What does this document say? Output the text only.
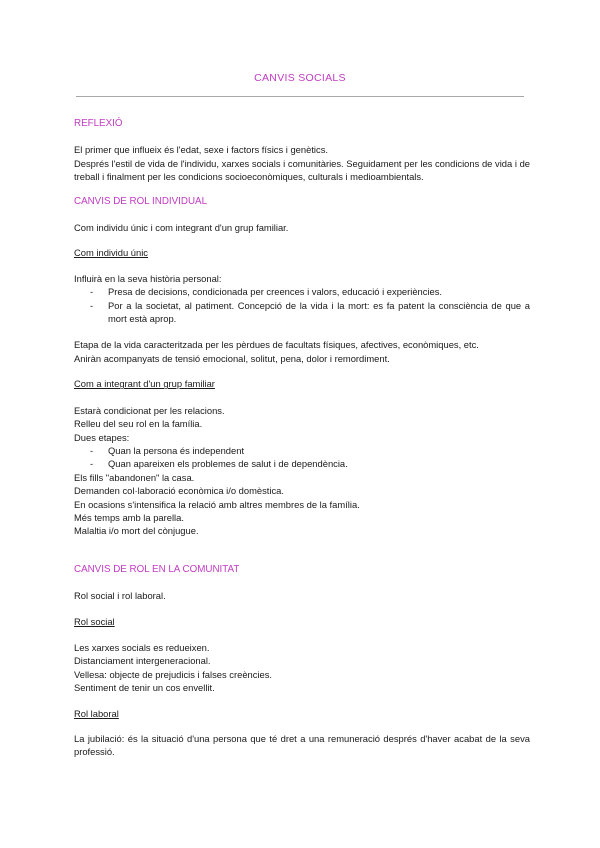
CANVIS SOCIALS

REFLEXIÓ

El primer que influeix és l'edat, sexe i factors físics i genètics.

Després l'estil de vida de l'individu, xarxes socials i comunitàries. Seguidament per les condicions de vida i de treball i finalment per les condicions socioeconòmiques, culturals i medioambientals.

CANVIS DE ROL INDIVIDUAL

Com individu únic i com integrant d'un grup familiar.

Com individu únic

Influirà en la seva història personal:

- Presa de decisions, condicionada per creences i valors, educació i experiències.
- Por a la societat, al patiment. Concepció de la vida i la mort: es fa patent la consciència de que a mort està aprop.

Etapa de la vida caracteritzada per les pèrdues de facultats físiques, afectives, econòmiques, etc.

Aniràn acompanyats de tensió emocional, solitut, pena, dolor i remordiment.

Com a integrant d'un grup familiar

Estarà condicionat per les relacions.

Relleu del seu rol en la família.

Dues etapes:

- Quan la persona és independent
- Quan apareixen els problemes de salut i de dependència.

Els fills "abandonen" la casa.

Demanden col·laboració econòmica i/o domèstica.

En ocasions s'intensifica la relació amb altres membres de la família.

Més temps amb la parella.

Malaltia i/o mort del cònjugue.

CANVIS DE ROL EN LA COMUNITAT

Rol social i rol laboral.

Rol social

Les xarxes socials es redueixen.

Distanciament intergeneracional.

Vellesa: objecte de prejudicis i falses creències.

Sentiment de tenir un cos envellit.

Rol laboral

La jubilació: és la situació d'una persona que té dret a una remuneració després d'haver acabat de la seva professió.
